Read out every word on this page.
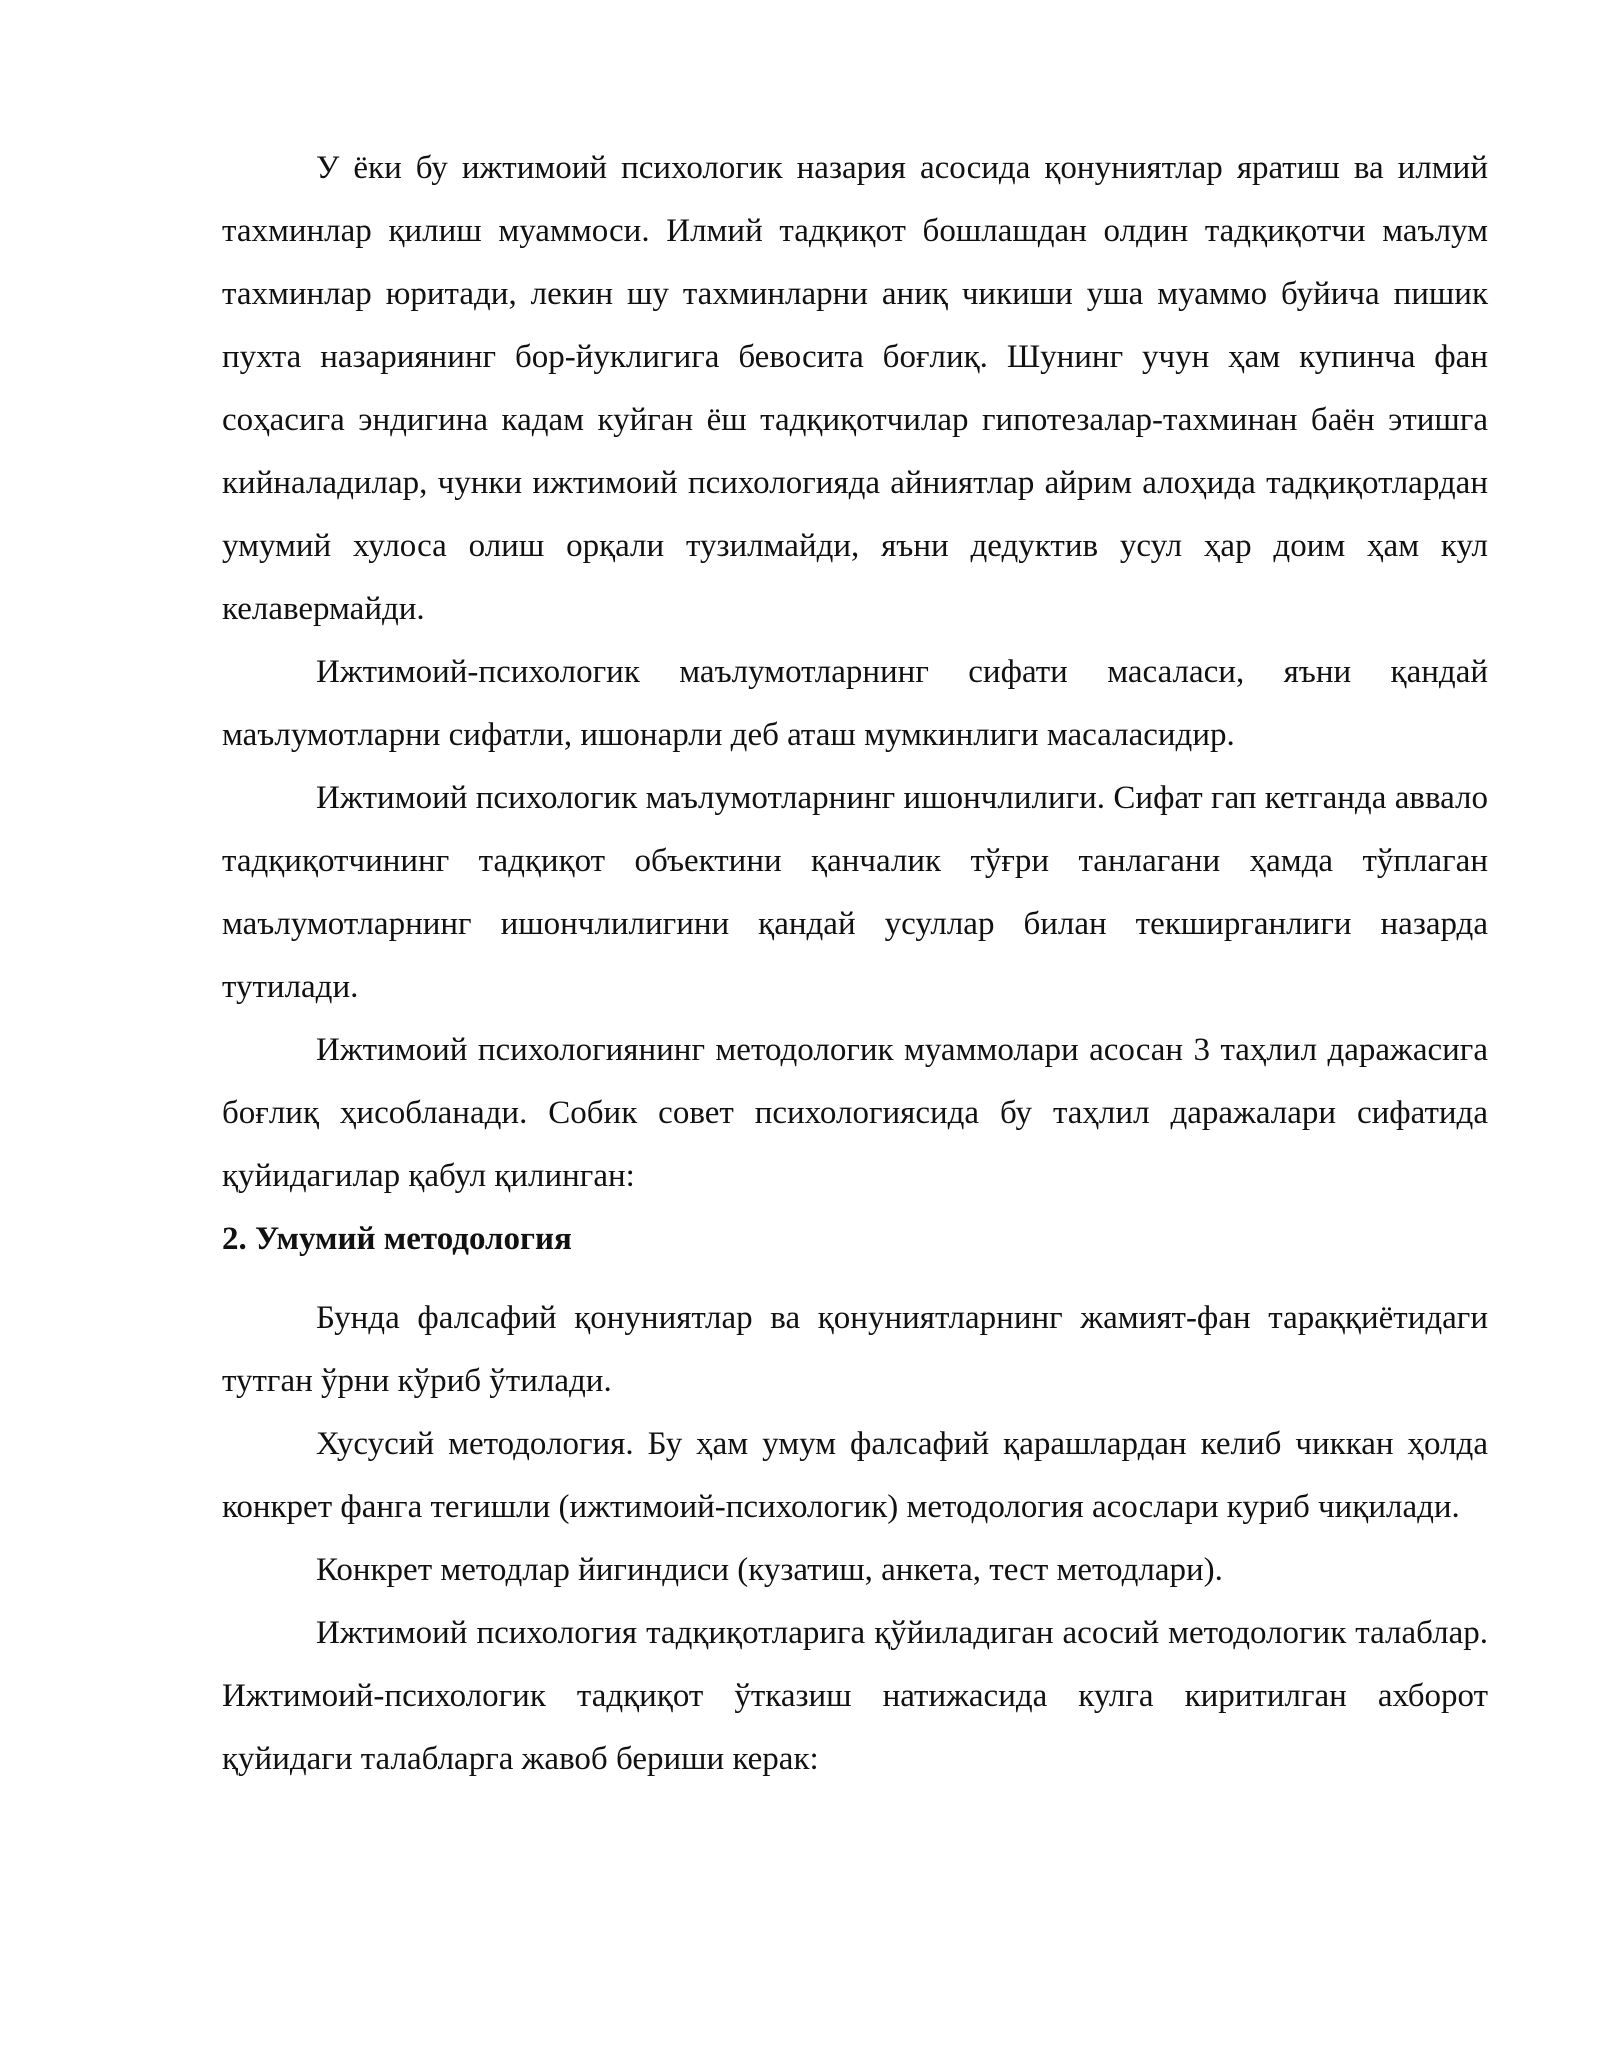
У ёки бу ижтимоий психологик назария асосида қонуниятлар яратиш ва илмий тахминлар қилиш муаммоси. Илмий тадқиқот бошлашдан олдин тадқиқотчи маълум тахминлар юритади, лекин шу тахминларни аниқ чикиши уша муаммо буйича пишик пухта назариянинг бор-йуклигига бевосита боғлиқ. Шунинг учун ҳам купинча фан соҳасига эндигина кадам куйган ёш тадқиқотчилар гипотезалар-тахминан баён этишга кийналадилар, чунки ижтимоий психологияда айниятлар айрим алоҳида тадқиқотлардан умумий хулоса олиш орқали тузилмайди, яъни дедуктив усул ҳар доим ҳам кул келавермайди.

Ижтимоий-психологик маълумотларнинг сифати масаласи, яъни қандай маълумотларни сифатли, ишонарли деб аташ мумкинлиги масаласидир.

Ижтимоий психологик маълумотларнинг ишончлилиги. Сифат гап кетганда аввало тадқиқотчининг тадқиқот объектини қанчалик тўғри танлагани ҳамда тўплаган маълумотларнинг ишончлилигини қандай усуллар билан текширганлиги назарда тутилади.

Ижтимоий психологиянинг методологик муаммолари асосан 3 таҳлил даражасига боғлиқ ҳисобланади. Собик совет психологиясида бу таҳлил даражалари сифатида қуйидагилар қабул қилинган:

2. Умумий методология

Бунда фалсафий қонуниятлар ва қонуниятларнинг жамият-фан тараққиётидаги тутган ўрни кўриб ўтилади.

Хусусий методология. Бу ҳам умум фалсафий қарашлардан келиб чиккан ҳолда конкрет фанга тегишли (ижтимоий-психологик) методология асослари куриб чиқилади.

Конкрет методлар йигиндиси (кузатиш, анкета, тест методлари).

Ижтимоий психология тадқиқотларига қўйиладиган асосий методологик талаблар. Ижтимоий-психологик тадқиқот ўтказиш натижасида кулга киритилган ахборот қуйидаги талабларга жавоб бериши керак:
